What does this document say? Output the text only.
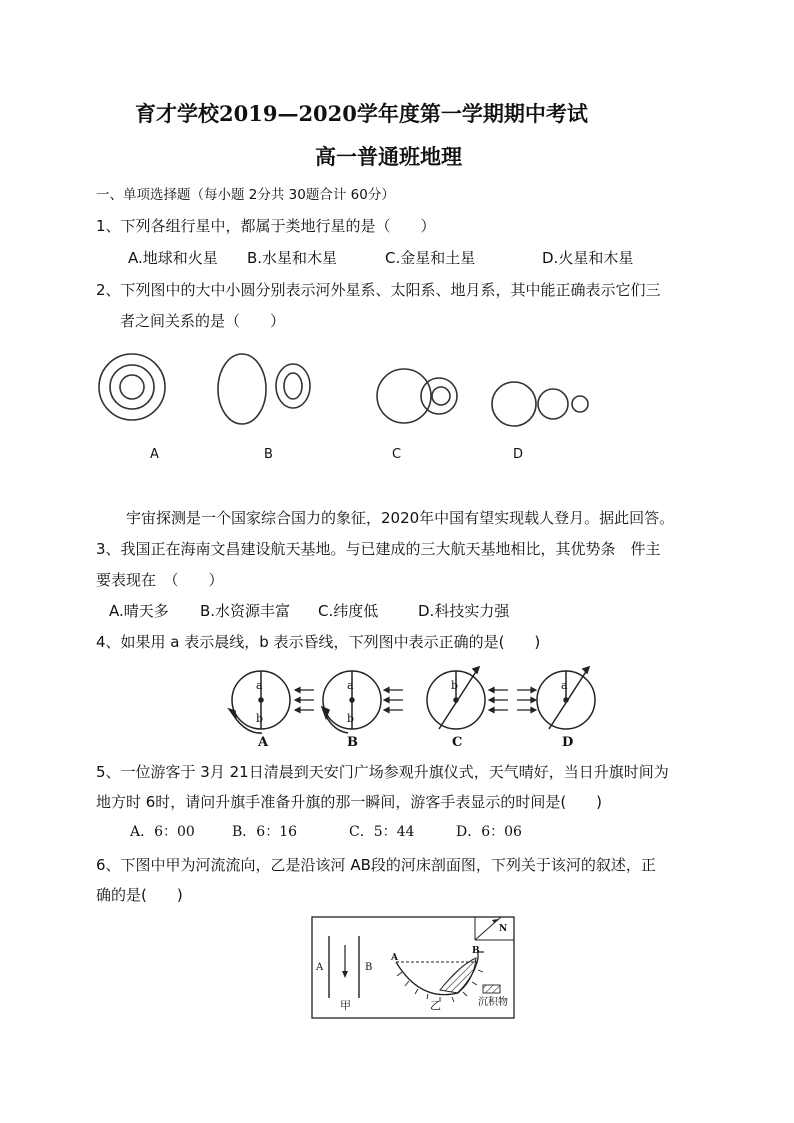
育才学校2019—2020学年度第一学期期中考试
高一普通班地理
一、单项选择题（每小题 2分共 30题合计 60分）
1、下列各组行星中，都属于类地行星的是（　　）
A.地球和火星 B.水星和木星	C.金星和土星	D.火星和木星
2、下列图中的大中小圆分别表示河外星系、太阳系、地月系，其中能正确表示它们三
者之间关系的是（　　）
A	B	C	D
宇宙探测是一个国家综合国力的象征，2020年中国有望实现载人登月。据此回答。
3、我国正在海南文昌建设航天基地。与已建成的三大航天基地相比，其优势条　件主
要表现在　（　　）
A.晴天多 B.水资源丰富 C.纬度低	D.科技实力强
4、如果用 a 表示晨线，b 表示昏线，下列图中表示正确的是(　　)
a
b
a
b
b	a
A	B	C	D
5、一位游客于 3月 21日清晨到天安门广场参观升旗仪式，天气晴好，当日升旗时间为
地方时 6时，请问升旗手准备升旗的那一瞬间，游客手表显示的时间是(　　)
A．6：00	B．6：16	C．5：44	D．6：06
6、下图中甲为河流流向，乙是沿该河 AB段的河床剖面图，下列关于该河的叙述，正
确的是(　　)
A	B
甲	乙
N
A
B
沉积物
